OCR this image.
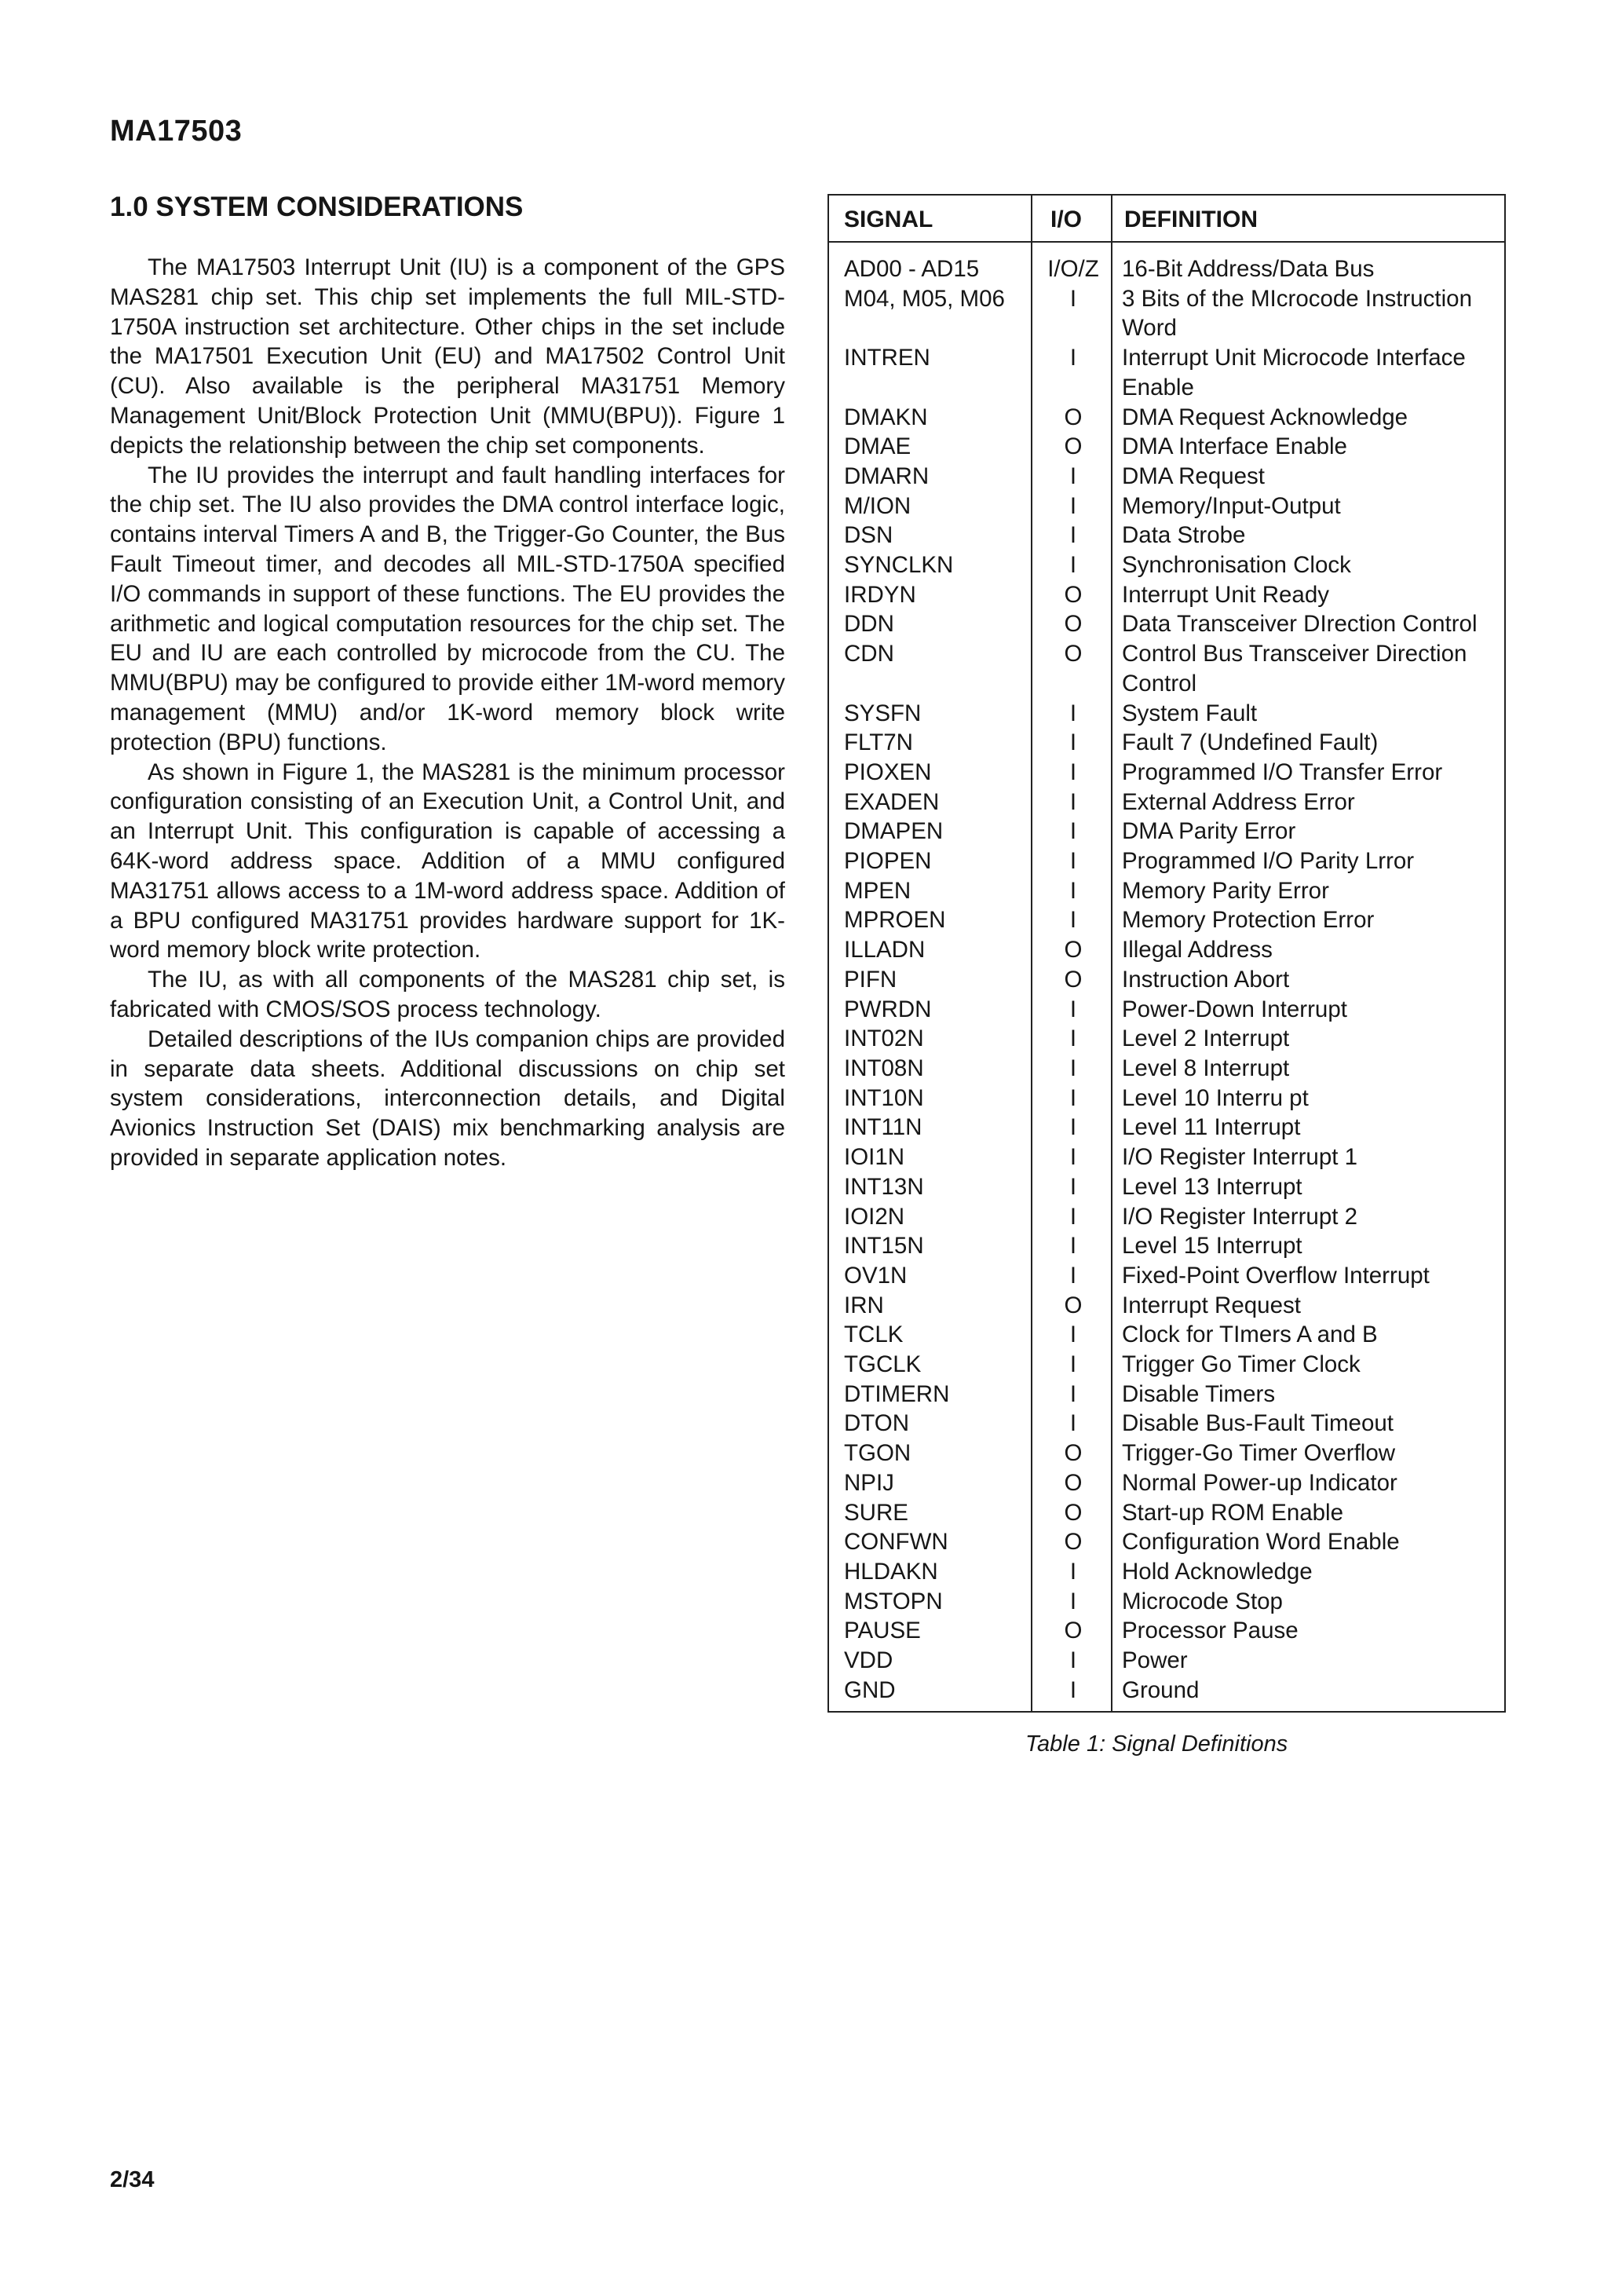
MA17503
1.0 SYSTEM CONSIDERATIONS

The MA17503 Interrupt Unit (IU) is a component of the GPS MAS281 chip set. This chip set implements the full MIL-STD-1750A instruction set architecture. Other chips in the set include the MA17501 Execution Unit (EU) and MA17502 Control Unit (CU). Also available is the peripheral MA31751 Memory Management Unit/Block Protection Unit (MMU(BPU)). Figure 1 depicts the relationship between the chip set components.

The IU provides the interrupt and fault handling interfaces for the chip set. The IU also provides the DMA control interface logic, contains interval Timers A and B, the Trigger-Go Counter, the Bus Fault Timeout timer, and decodes all MIL-STD-1750A specified I/O commands in support of these functions. The EU provides the arithmetic and logical computation resources for the chip set. The EU and IU are each controlled by microcode from the CU. The MMU(BPU) may be configured to provide either 1M-word memory management (MMU) and/or 1K-word memory block write protection (BPU) functions.

As shown in Figure 1, the MAS281 is the minimum processor configuration consisting of an Execution Unit, a Control Unit, and an Interrupt Unit. This configuration is capable of accessing a 64K-word address space. Addition of a MMU configured MA31751 allows access to a 1M-word address space. Addition of a BPU configured MA31751 provides hardware support for 1K-word memory block write protection.

The IU, as with all components of the MAS281 chip set, is fabricated with CMOS/SOS process technology.

Detailed descriptions of the IUs companion chips are provided in separate data sheets. Additional discussions on chip set system considerations, interconnection details, and Digital Avionics Instruction Set (DAIS) mix benchmarking analysis are provided in separate application notes.

SIGNAL	I/O DEFINITION
AD00 - AD15	I/O/Z 16-Bit Address/Data Bus
M04, M05, M06	I	3 Bits of the MIcrocode Instruction Word
INTREN	I	Interrupt Unit Microcode Interface Enable
DMAKN	O	DMA Request Acknowledge
DMAE	O	DMA Interface Enable
DMARN	I	DMA Request
M/ION	I	Memory/Input-Output
DSN	I	Data Strobe
SYNCLKN	I	Synchronisation Clock
IRDYN	O	Interrupt Unit Ready
DDN	O	Data Transceiver DIrection Control
CDN	O	Control Bus Transceiver Direction Control
SYSFN	I	System Fault
FLT7N	I	Fault 7 (Undefined Fault)
PIOXEN	I	Programmed I/O Transfer Error
EXADEN	I	External Address Error
DMAPEN	I	DMA Parity Error
PIOPEN	I	Programmed I/O Parity Lrror
MPEN	I	Memory Parity Error
MPROEN	I	Memory Protection Error
ILLADN	O	Illegal Address
PIFN	O	Instruction Abort
PWRDN	I	Power-Down Interrupt
INT02N	I	Level 2 Interrupt
INT08N	I	Level 8 Interrupt
INT10N	I	Level 10 Interru pt
INT11N	I	Level 11 Interrupt
IOI1N	I	I/O Register Interrupt 1
INT13N	I	Level 13 Interrupt
IOI2N	I	I/O Register Interrupt 2
INT15N	I	Level 15 Interrupt
OV1N	I	Fixed-Point Overflow Interrupt
IRN	O	Interrupt Request
TCLK	I	Clock for TImers A and B
TGCLK	I	Trigger Go Timer Clock
DTIMERN	I	Disable Timers
DTON	I	Disable Bus-Fault Timeout
TGON	O	Trigger-Go Timer Overflow
NPIJ	O	Normal Power-up Indicator
SURE	O	Start-up ROM Enable
CONFWN	O	Configuration Word Enable
HLDAKN	I	Hold Acknowledge
MSTOPN	I	Microcode Stop
PAUSE	O	Processor Pause
VDD	I	Power
GND	I	Ground
Table 1: Signal Definitions
2/34
